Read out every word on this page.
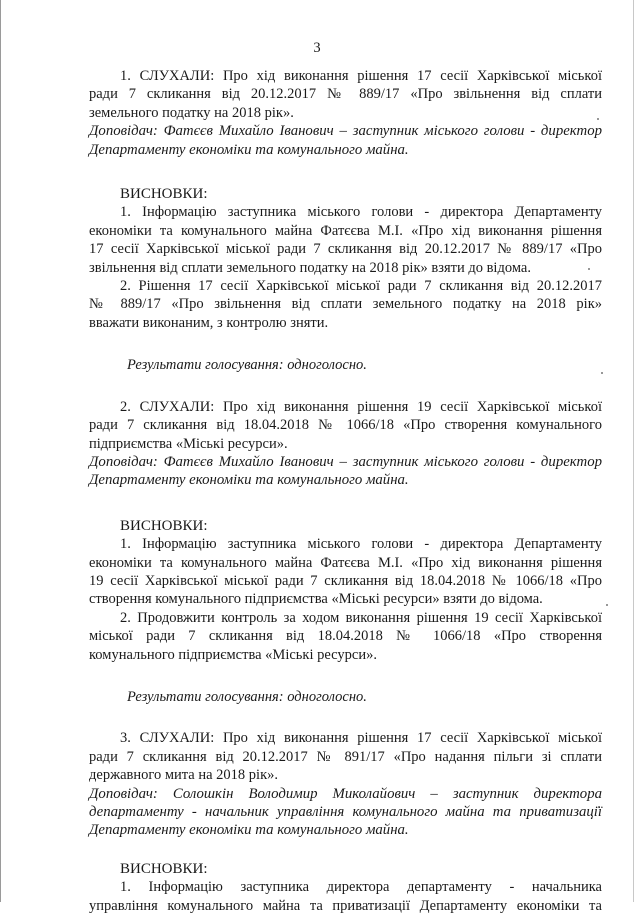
3

1. СЛУХАЛИ: Про хід виконання рішення 17 сесії Харківської міської

ради 7 скликання від 20.12.2017 № 889/17 «Про звільнення від сплати

земельного податку на 2018 рік».

Доповідач: Фатєєв Михайло Іванович – заступник міського голови - директор

Департаменту економіки та комунального майна.

ВИСНОВКИ:

1. Інформацію заступника міського голови - директора Департаменту

економіки та комунального майна Фатєєва М.І. «Про хід виконання рішення

17 сесії Харківської міської ради 7 скликання від 20.12.2017 № 889/17 «Про

звільнення від сплати земельного податку на 2018 рік» взяти до відома.

2. Рішення 17 сесії Харківської міської ради 7 скликання від 20.12.2017

№ 889/17 «Про звільнення від сплати земельного податку на 2018 рік»

вважати виконаним, з контролю зняти.

Результати голосування: одноголосно.

2. СЛУХАЛИ: Про хід виконання рішення 19 сесії Харківської міської

ради 7 скликання від 18.04.2018 № 1066/18 «Про створення комунального

підприємства «Міські ресурси».

Доповідач: Фатєєв Михайло Іванович – заступник міського голови - директор

Департаменту економіки та комунального майна.

ВИСНОВКИ:

1. Інформацію заступника міського голови - директора Департаменту

економіки та комунального майна Фатєєва М.І. «Про хід виконання рішення

19 сесії Харківської міської ради 7 скликання від 18.04.2018 № 1066/18 «Про

створення комунального підприємства «Міські ресурси» взяти до відома.

2. Продовжити контроль за ходом виконання рішення 19 сесії Харківської

міської ради 7 скликання від 18.04.2018 № 1066/18 «Про створення

комунального підприємства «Міські ресурси».

Результати голосування: одноголосно.

3. СЛУХАЛИ: Про хід виконання рішення 17 сесії Харківської міської

ради 7 скликання від 20.12.2017 № 891/17 «Про надання пільги зі сплати

державного мита на 2018 рік».

Доповідач: Солошкін Володимир Миколайович – заступник директора

департаменту - начальник управління комунального майна та приватизації

Департаменту економіки та комунального майна.

ВИСНОВКИ:

1. Інформацію заступника директора департаменту - начальника

управління комунального майна та приватизації Департаменту економіки та
